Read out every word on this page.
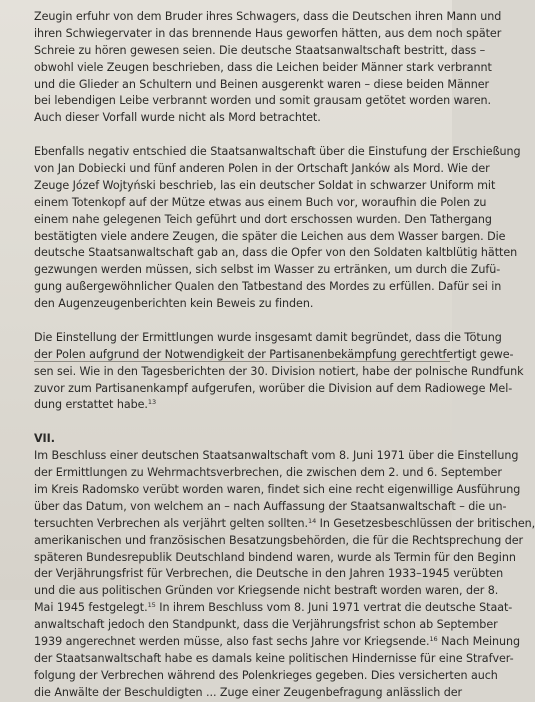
Zeugin erfuhr von dem Bruder ihres Schwagers, dass die Deutschen ihren Mann und
ihren Schwiegervater in das brennende Haus geworfen hätten, aus dem noch später
Schreie zu hören gewesen seien. Die deutsche Staatsanwaltschaft bestritt, dass –
obwohl viele Zeugen beschrieben, dass die Leichen beider Männer stark verbrannt
und die Glieder an Schultern und Beinen ausgerenkt waren – diese beiden Männer
bei lebendigen Leibe verbrannt worden und somit grausam getötet worden waren.
Auch dieser Vorfall wurde nicht als Mord betrachtet.
Ebenfalls negativ entschied die Staatsanwaltschaft über die Einstufung der Erschießung
von Jan Dobiecki und fünf anderen Polen in der Ortschaft Janków als Mord. Wie der
Zeuge Józef Wojtyński beschrieb, las ein deutscher Soldat in schwarzer Uniform mit
einem Totenkopf auf der Mütze etwas aus einem Buch vor, woraufhin die Polen zu
einem nahe gelegenen Teich geführt und dort erschossen wurden. Den Tathergang
bestätigten viele andere Zeugen, die später die Leichen aus dem Wasser bargen. Die
deutsche Staatsanwaltschaft gab an, dass die Opfer von den Soldaten kaltblütig hätten
gezwungen werden müssen, sich selbst im Wasser zu ertränken, um durch die Zufü-
gung außergewöhnlicher Qualen den Tatbestand des Mordes zu erfüllen. Dafür sei in
den Augenzeugenberichten kein Beweis zu finden.
Die Einstellung der Ermittlungen wurde insgesamt damit begründet, dass die Tötung
der Polen aufgrund der Notwendigkeit der Partisanenbekämpfung gerechtfertigt gewe-
sen sei. Wie in den Tagesberichten der 30. Division notiert, habe der polnische Rundfunk
zuvor zum Partisanenkampf aufgerufen, worüber die Division auf dem Radiowege Mel-
dung erstattet habe.$^{13}$
VII.
Im Beschluss einer deutschen Staatsanwaltschaft vom 8. Juni 1971 über die Einstellung
der Ermittlungen zu Wehrmachtsverbrechen, die zwischen dem 2. und 6. September
im Kreis Radomsko verübt worden waren, findet sich eine recht eigenwillige Ausführung
über das Datum, von welchem an – nach Auffassung der Staatsanwaltschaft – die un-
tersuchten Verbrechen als verjährt gelten sollten.$^{14}$ In Gesetzesbeschlüssen der britischen,
amerikanischen und französischen Besatzungsbehörden, die für die Rechtsprechung der
späteren Bundesrepublik Deutschland bindend waren, wurde als Termin für den Beginn
der Verjährungsfrist für Verbrechen, die Deutsche in den Jahren 1933–1945 verübten
und die aus politischen Gründen vor Kriegsende nicht bestraft worden waren, der 8.
Mai 1945 festgelegt.$^{15}$ In ihrem Beschluss vom 8. Juni 1971 vertrat die deutsche Staat-
anwaltschaft jedoch den Standpunkt, dass die Verjährungsfrist schon ab September
1939 angerechnet werden müsse, also fast sechs Jahre vor Kriegsende.$^{16}$ Nach Meinung
der Staatsanwaltschaft habe es damals keine politischen Hindernisse für eine Strafver-
folgung der Verbrechen während des Polenkrieges gegeben. Dies versicherten auch
die Anwälte der Beschuldigten ... Zuge einer Zeugenbefragung anlässlich der
